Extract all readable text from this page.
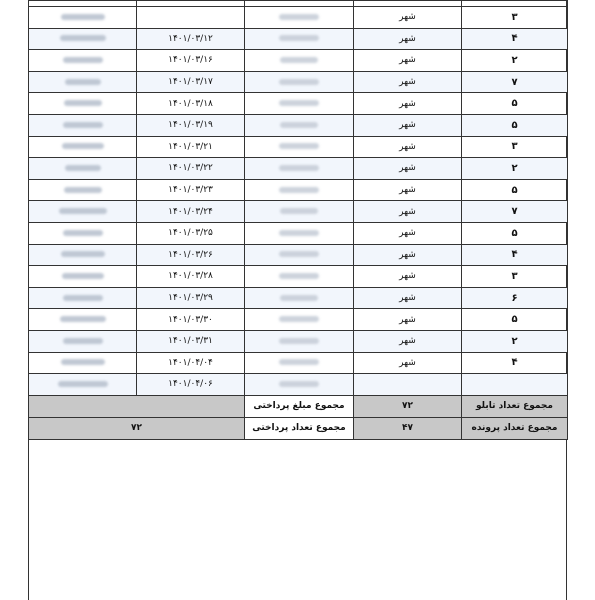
			شهر	۳
	۱۴۰۱/۰۳/۱۲		شهر	۴
	۱۴۰۱/۰۳/۱۶		شهر	۲
	۱۴۰۱/۰۳/۱۷		شهر	۷
	۱۴۰۱/۰۳/۱۸		شهر	۵
	۱۴۰۱/۰۳/۱۹		شهر	۵
	۱۴۰۱/۰۳/۲۱		شهر	۳
	۱۴۰۱/۰۳/۲۲		شهر	۲
	۱۴۰۱/۰۳/۲۳		شهر	۵
	۱۴۰۱/۰۳/۲۴		شهر	۷
	۱۴۰۱/۰۳/۲۵		شهر	۵
	۱۴۰۱/۰۳/۲۶		شهر	۴
	۱۴۰۱/۰۳/۲۸		شهر	۳
	۱۴۰۱/۰۳/۲۹		شهر	۶
	۱۴۰۱/۰۳/۳۰		شهر	۵
	۱۴۰۱/۰۳/۳۱		شهر	۲
	۱۴۰۱/۰۴/۰۴		شهر	۴
	۱۴۰۱/۰۴/۰۶			
		مجموع مبلغ پرداختی	۷۲	مجموع تعداد تابلو
۷۲		مجموع تعداد پرداختی	۴۷	مجموع تعداد پرونده
